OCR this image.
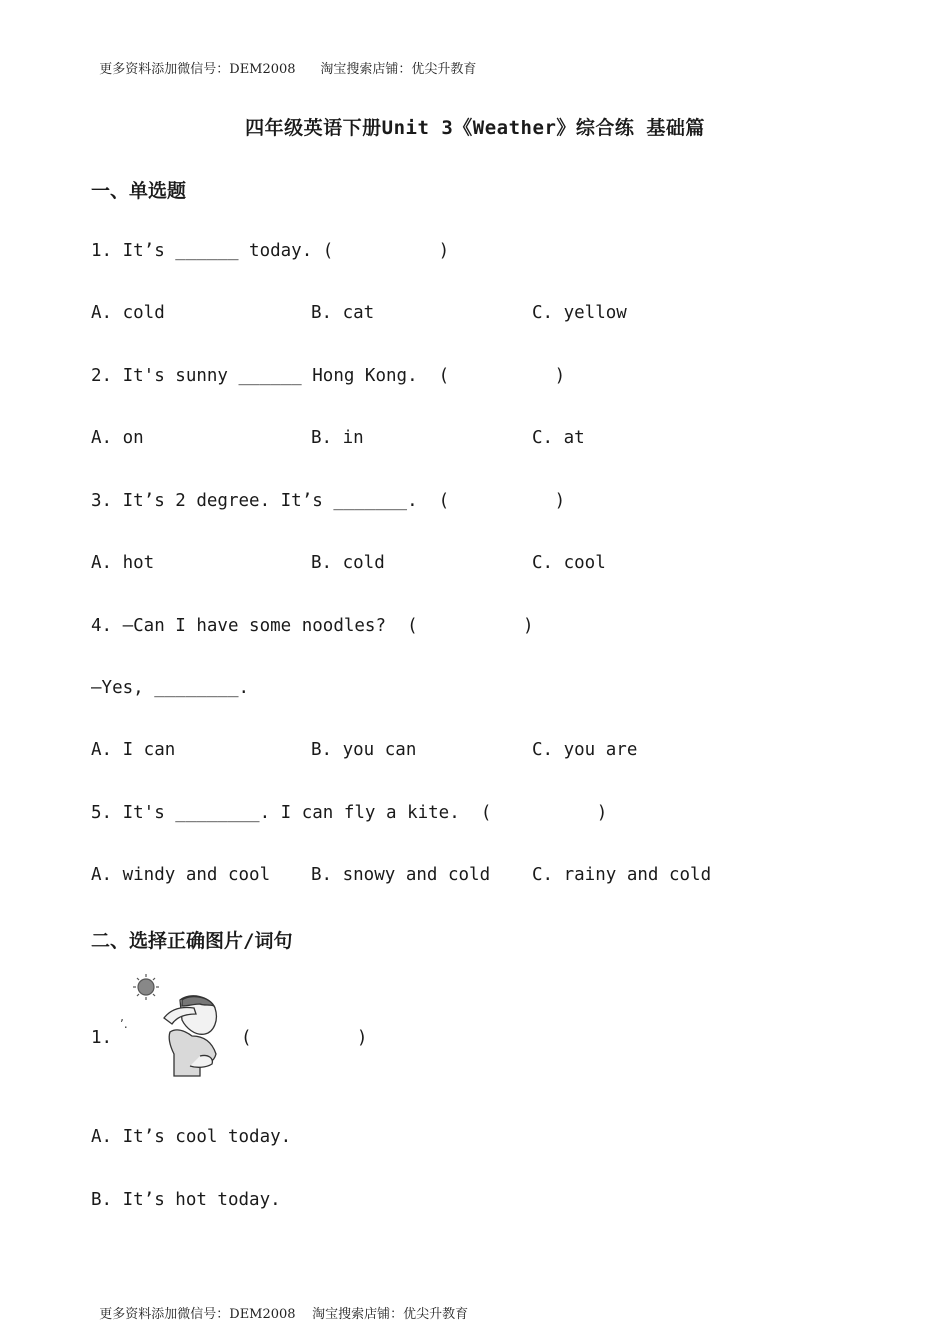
更多资料添加微信号：DEM2008 淘宝搜索店铺：优尖升教育

四年级英语下册Unit 3《Weather》综合练 基础篇
一、单选题
1. It’s ______ today. (          )
A. cold	B. cat	C. yellow
2. It's sunny ______ Hong Kong.  (          )
A. on	B. in	C. at
3. It’s 2 degree. It’s _______.  (          )
A. hot	B. cold	C. cool
4. —Can I have some noodles?  (          )
—Yes, ________.
A. I can	B. you can	C. you are
5. It's ________. I can fly a kite.  (          )
A. windy and cool B. snowy and cold C. rainy and cold
二、选择正确图片/词句
1.
ʼ.
(          )
A. It’s cool today.
B. It’s hot today.

更多资料添加微信号：DEM2008 淘宝搜索店铺：优尖升教育
